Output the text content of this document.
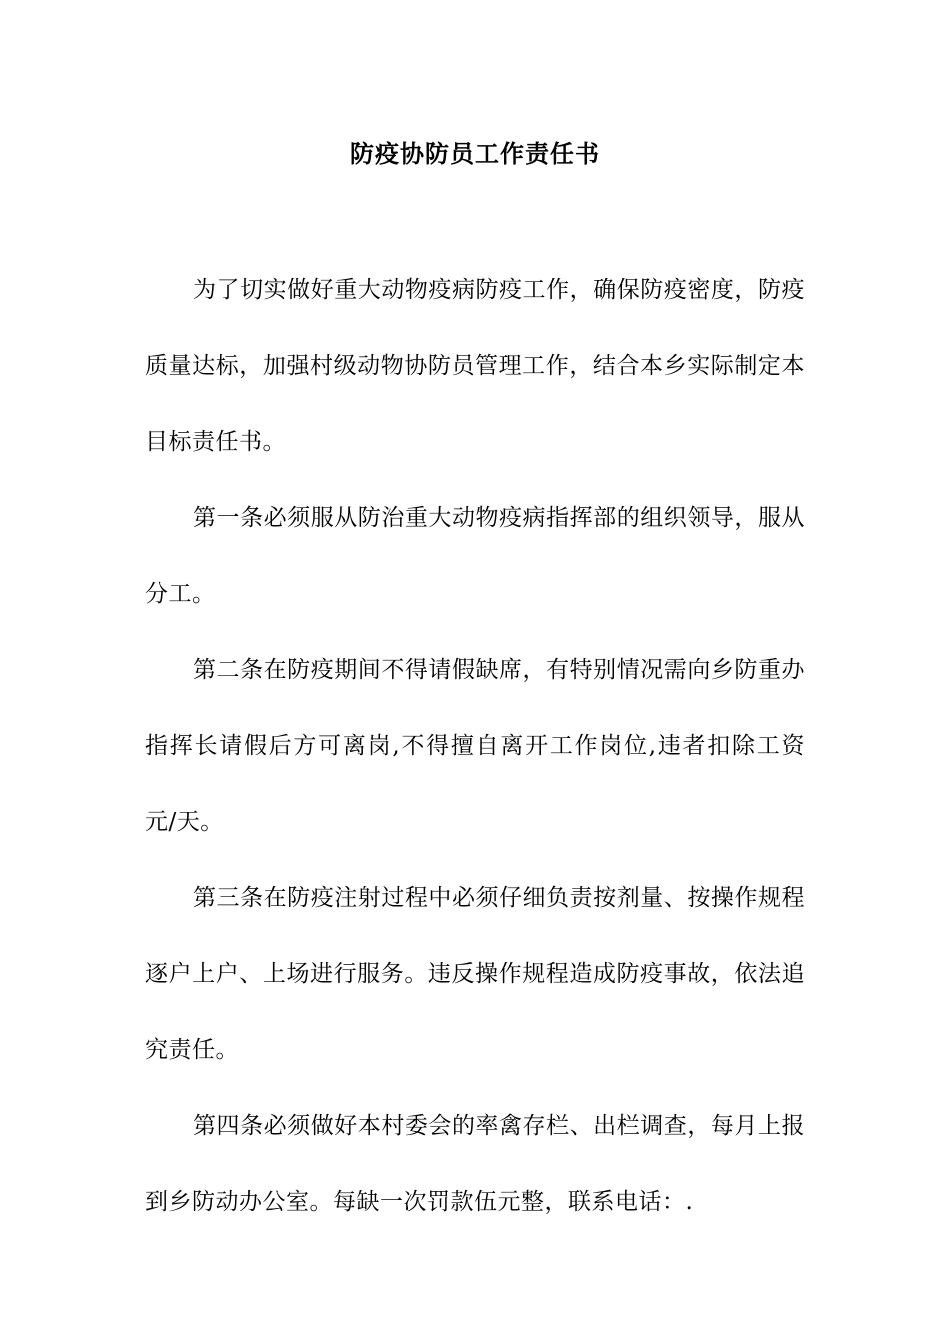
防疫协防员工作责任书

为了切实做好重大动物疫病防疫工作，确保防疫密度，防疫质量达标，加强村级动物协防员管理工作，结合本乡实际制定本目标责任书。

第一条必须服从防治重大动物疫病指挥部的组织领导，服从分工。

第二条在防疫期间不得请假缺席，有特别情况需向乡防重办指挥长请假后方可离岗,不得擅自离开工作岗位,违者扣除工资 元/天。

第三条在防疫注射过程中必须仔细负责按剂量、按操作规程逐户上户、上场进行服务。违反操作规程造成防疫事故，依法追究责任。

第四条必须做好本村委会的率禽存栏、出栏调查，每月上报到乡防动办公室。每缺一次罚款伍元整，联系电话：.
